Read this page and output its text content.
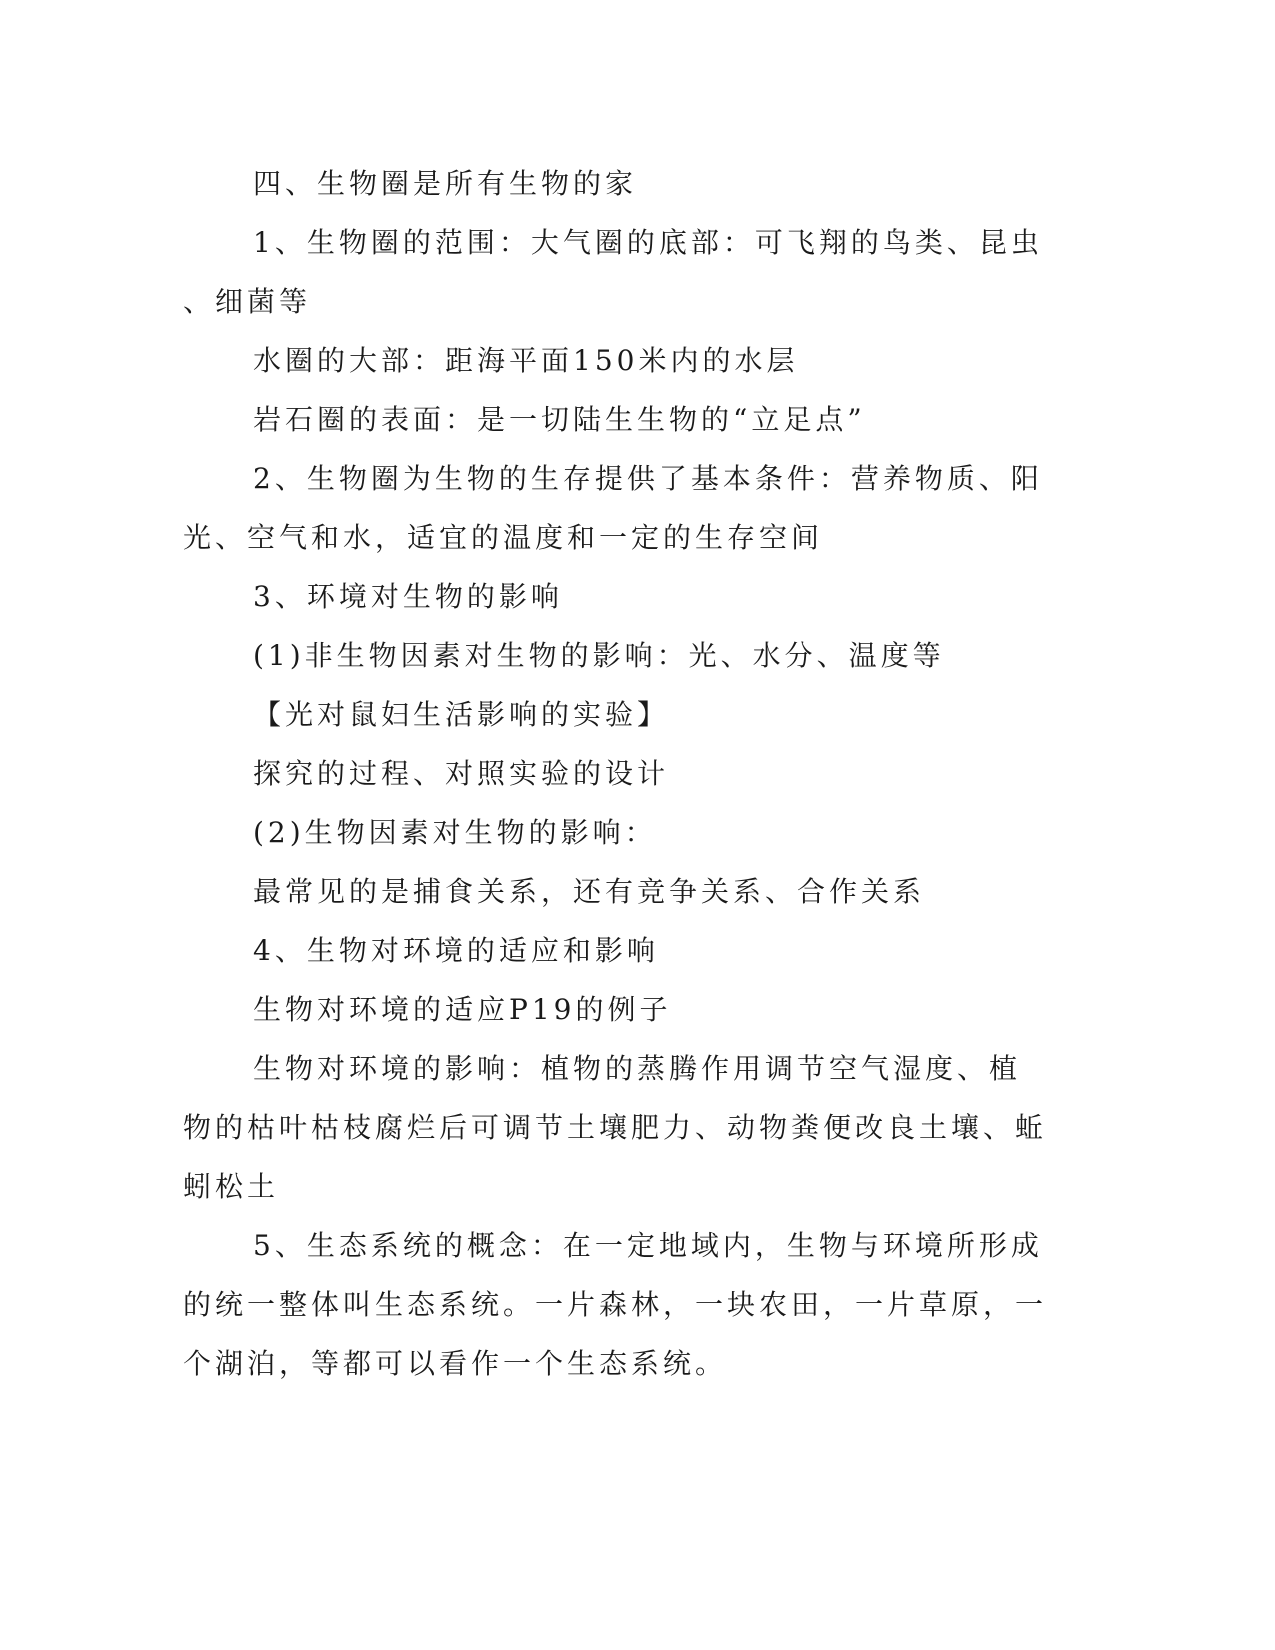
四、生物圈是所有生物的家
1、生物圈的范围：大气圈的底部：可飞翔的鸟类、昆虫
、细菌等
水圈的大部：距海平面150米内的水层
岩石圈的表面：是一切陆生生物的“立足点”
2、生物圈为生物的生存提供了基本条件：营养物质、阳
光、空气和水，适宜的温度和一定的生存空间
3、环境对生物的影响
(1)非生物因素对生物的影响：光、水分、温度等
【光对鼠妇生活影响的实验】
探究的过程、对照实验的设计
(2)生物因素对生物的影响：
最常见的是捕食关系，还有竞争关系、合作关系
4、生物对环境的适应和影响
生物对环境的适应P19的例子
生物对环境的影响：植物的蒸腾作用调节空气湿度、植
物的枯叶枯枝腐烂后可调节土壤肥力、动物粪便改良土壤、蚯
蚓松土
5、生态系统的概念：在一定地域内，生物与环境所形成
的统一整体叫生态系统。一片森林，一块农田，一片草原，一
个湖泊，等都可以看作一个生态系统。
